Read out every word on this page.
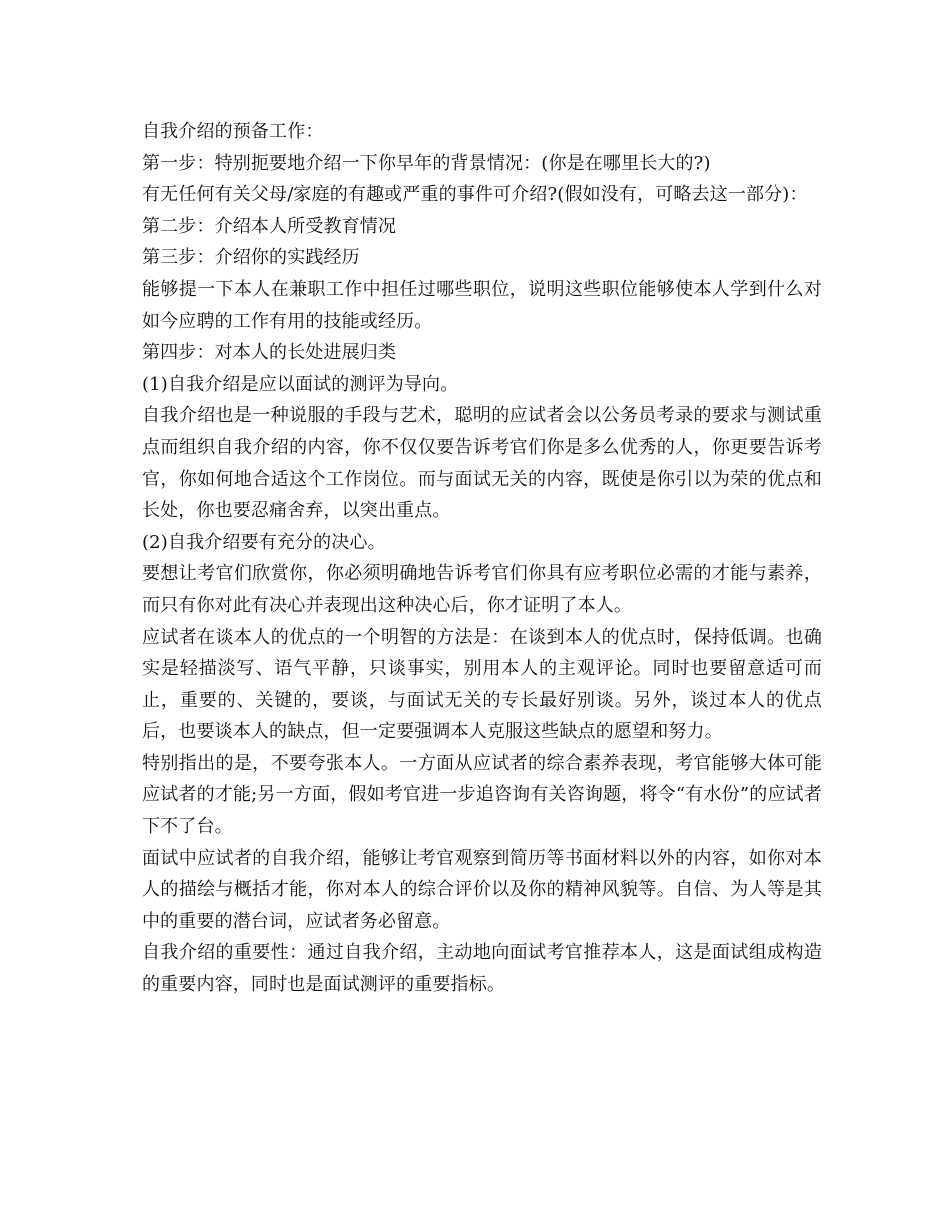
自我介绍的预备工作：

第一步：特别扼要地介绍一下你早年的背景情况：(你是在哪里长大的?)

有无任何有关父母/家庭的有趣或严重的事件可介绍?(假如没有，可略去这一部分)：

第二步：介绍本人所受教育情况

第三步：介绍你的实践经历

能够提一下本人在兼职工作中担任过哪些职位，说明这些职位能够使本人学到什么对如今应聘的工作有用的技能或经历。

第四步：对本人的长处进展归类

(1)自我介绍是应以面试的测评为导向。

自我介绍也是一种说服的手段与艺术，聪明的应试者会以公务员考录的要求与测试重点而组织自我介绍的内容，你不仅仅要告诉考官们你是多么优秀的人，你更要告诉考官，你如何地合适这个工作岗位。而与面试无关的内容，既使是你引以为荣的优点和长处，你也要忍痛舍弃，以突出重点。

(2)自我介绍要有充分的决心。

要想让考官们欣赏你，你必须明确地告诉考官们你具有应考职位必需的才能与素养，而只有你对此有决心并表现出这种决心后，你才证明了本人。

应试者在谈本人的优点的一个明智的方法是：在谈到本人的优点时，保持低调。也确实是轻描淡写、语气平静，只谈事实，别用本人的主观评论。同时也要留意适可而止，重要的、关键的，要谈，与面试无关的专长最好别谈。另外，谈过本人的优点后，也要谈本人的缺点，但一定要强调本人克服这些缺点的愿望和努力。

特别指出的是，不要夸张本人。一方面从应试者的综合素养表现，考官能够大体可能应试者的才能;另一方面，假如考官进一步追咨询有关咨询题，将令“有水份”的应试者下不了台。

面试中应试者的自我介绍，能够让考官观察到简历等书面材料以外的内容，如你对本人的描绘与概括才能，你对本人的综合评价以及你的精神风貌等。自信、为人等是其中的重要的潜台词，应试者务必留意。

自我介绍的重要性：通过自我介绍，主动地向面试考官推荐本人，这是面试组成构造的重要内容，同时也是面试测评的重要指标。
